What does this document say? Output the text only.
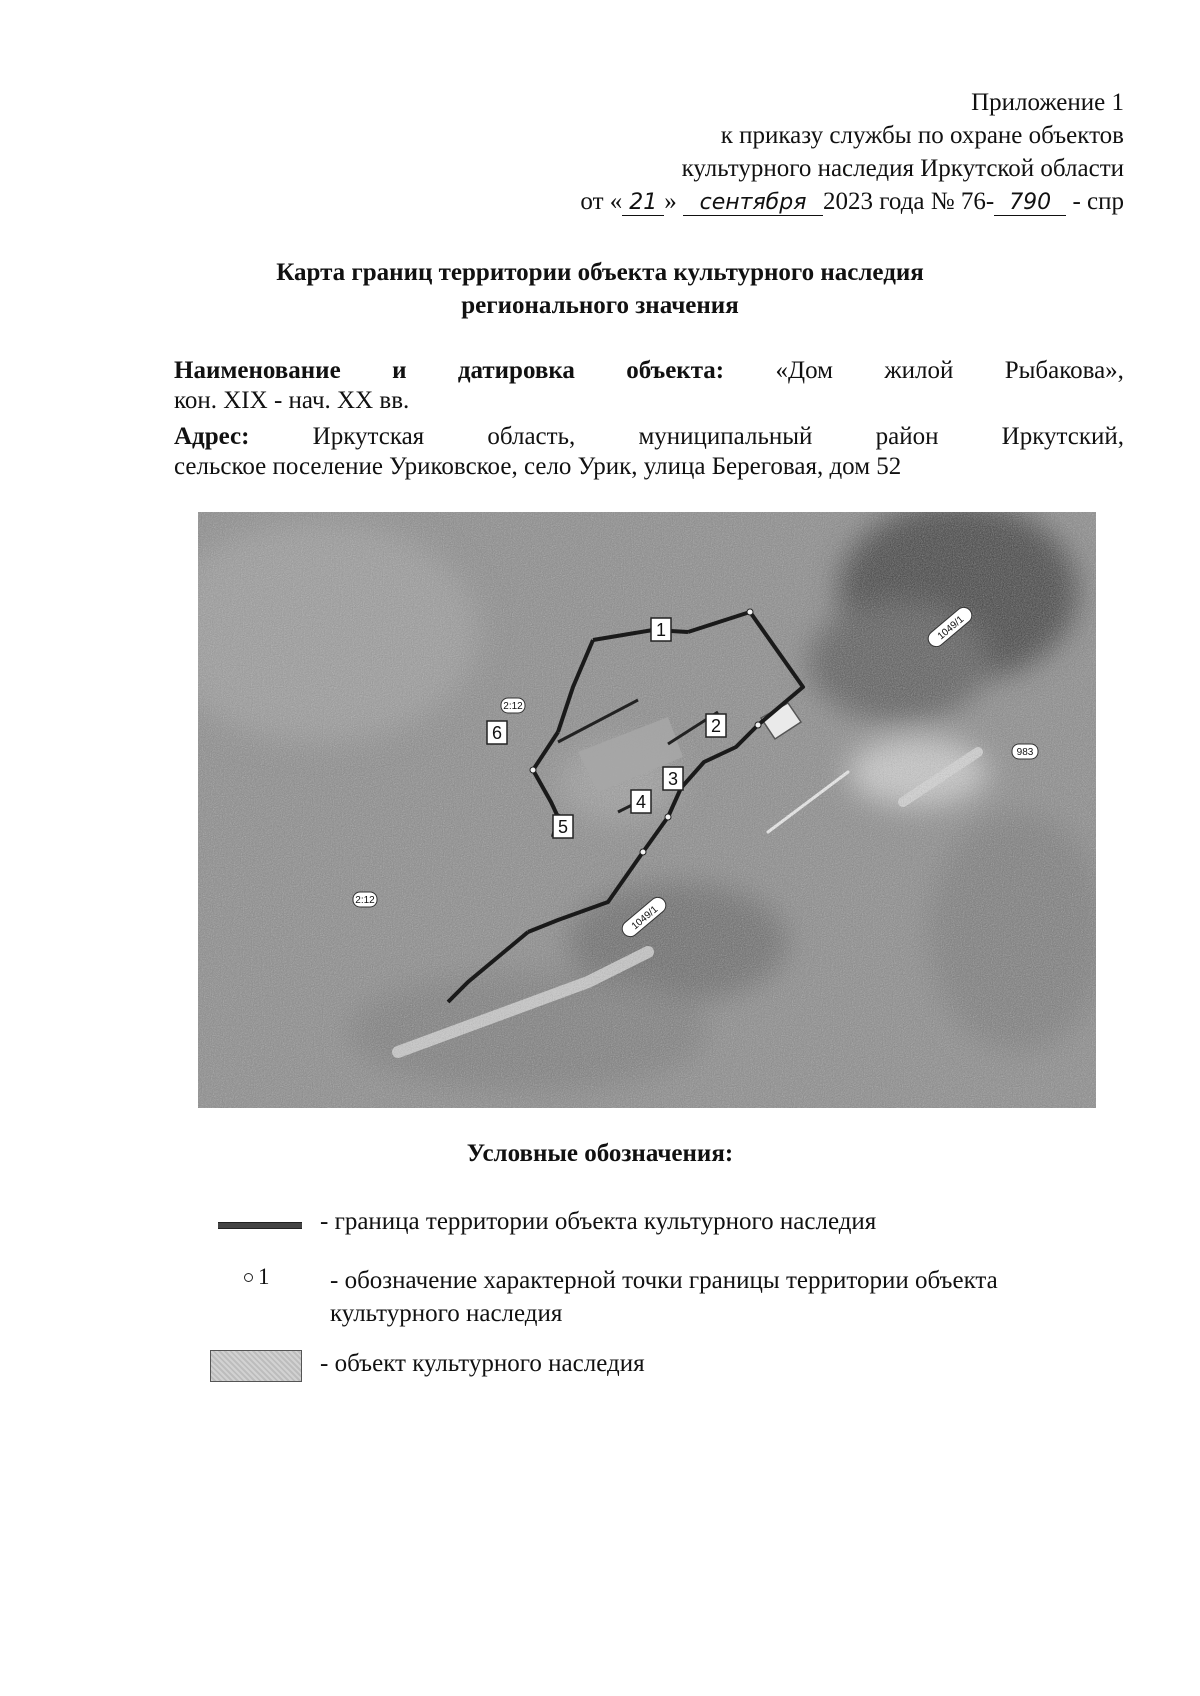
Приложение 1
к приказу службы по охране объектов
культурного наследия Иркутской области
от « 21 » сентября 2023 года № 76- 790 - спр
Карта границ территории объекта культурного наследия
регионального значения
Наименование и датировка объекта: «Дом жилой Рыбакова»,
кон. XIX - нач. XX вв.
Адрес:	Иркутская	область,	муниципальный	район	Иркутский,
сельское поселение Уриковское, село Урик, улица Береговая, дом 52
1
2
3
4
5
6
2:12
2:12
1049/1
1049/1
983
Условные обозначения:
- граница территории объекта культурного наследия
1 - обозначение характерной точки границы территории объекта культурного наследия
- объект культурного наследия
